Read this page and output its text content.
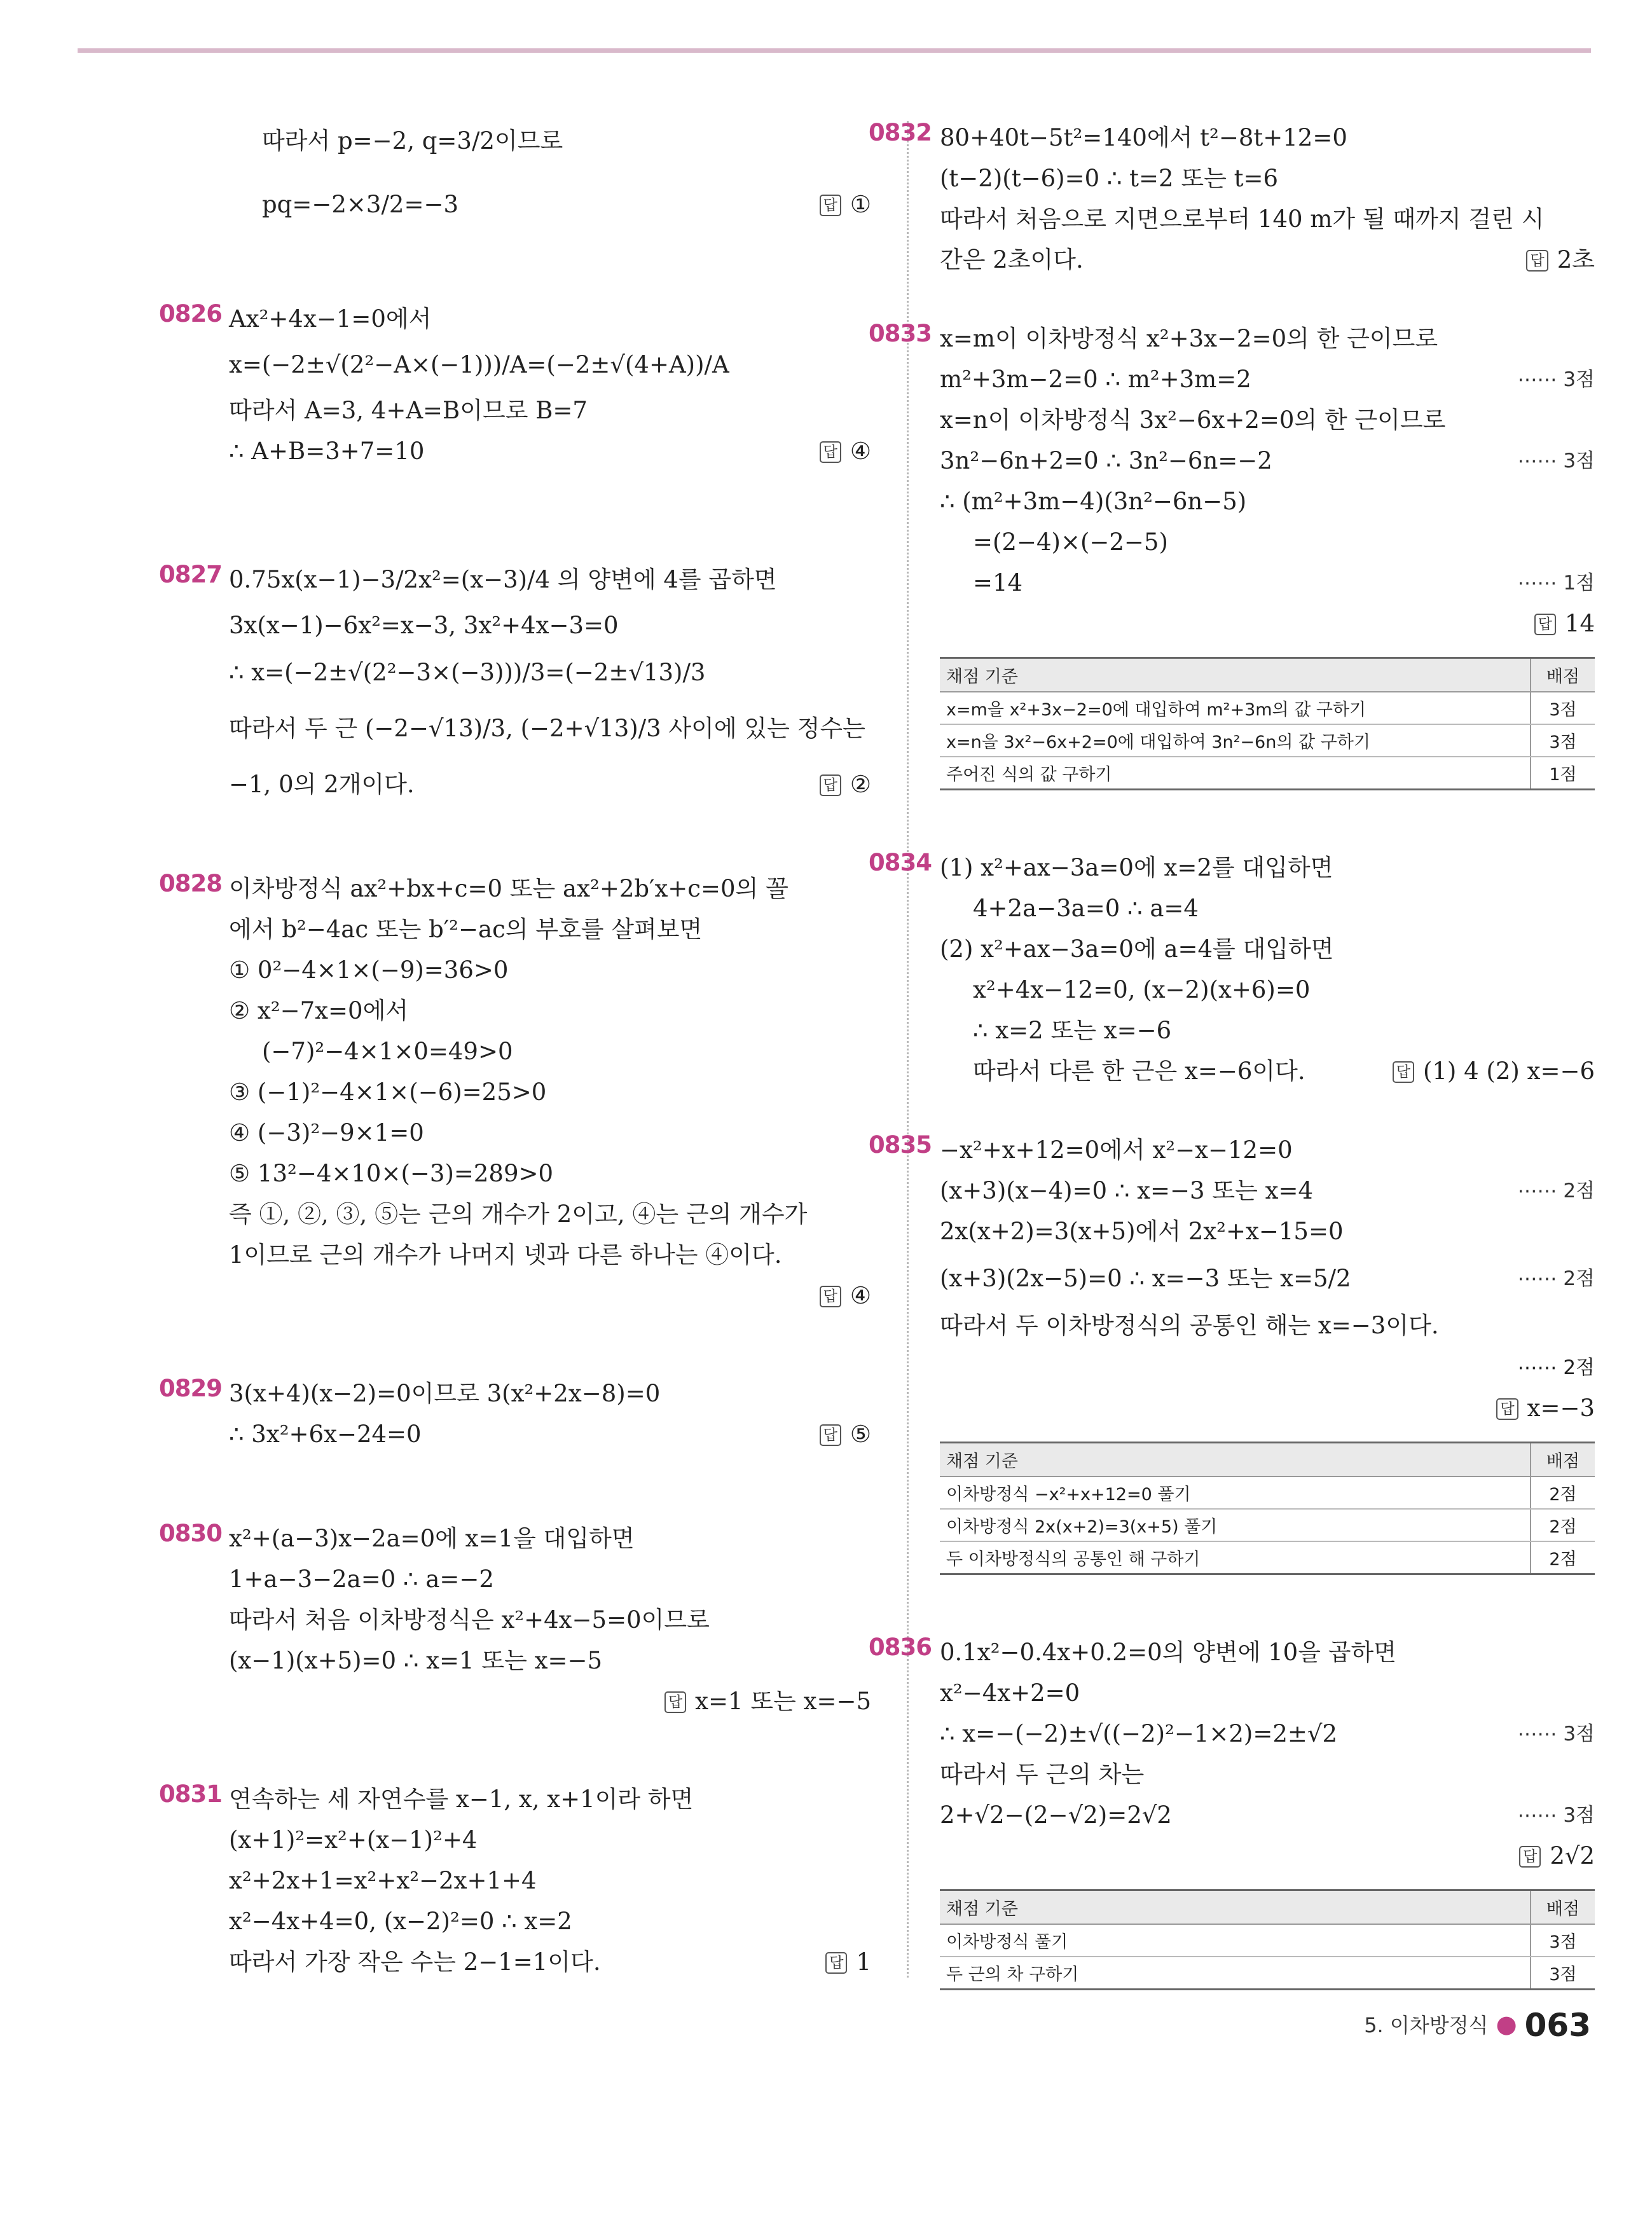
따라서 p=−2, q=3/2이므로
pq=−2×3/2=−3	답 ①
0826 Ax²+4x−1=0에서
x=(−2±√(2²−A×(−1)))/A=(−2±√(4+A))/A
따라서 A=3, 4+A=B이므로 B=7
∴ A+B=3+7=10	답 ④
0827 0.75x(x−1)−3/2x²=(x−3)/4 의 양변에 4를 곱하면
3x(x−1)−6x²=x−3, 3x²+4x−3=0
∴ x=(−2±√(2²−3×(−3)))/3=(−2±√13)/3
따라서 두 근 (−2−√13)/3, (−2+√13)/3 사이에 있는 정수는
−1, 0의 2개이다.	답 ②
0828 이차방정식 ax²+bx+c=0 또는 ax²+2b′x+c=0의 꼴
에서 b²−4ac 또는 b′²−ac의 부호를 살펴보면
① 0²−4×1×(−9)=36>0
② x²−7x=0에서
(−7)²−4×1×0=49>0
③ (−1)²−4×1×(−6)=25>0
④ (−3)²−9×1=0
⑤ 13²−4×10×(−3)=289>0
즉 ①, ②, ③, ⑤는 근의 개수가 2이고, ④는 근의 개수가
1이므로 근의 개수가 나머지 넷과 다른 하나는 ④이다.
답 ④
0829 3(x+4)(x−2)=0이므로 3(x²+2x−8)=0
∴ 3x²+6x−24=0	답 ⑤
0830 x²+(a−3)x−2a=0에 x=1을 대입하면
1+a−3−2a=0 ∴ a=−2
따라서 처음 이차방정식은 x²+4x−5=0이므로
(x−1)(x+5)=0 ∴ x=1 또는 x=−5
답 x=1 또는 x=−5
0831 연속하는 세 자연수를 x−1, x, x+1이라 하면
(x+1)²=x²+(x−1)²+4
x²+2x+1=x²+x²−2x+1+4
x²−4x+4=0, (x−2)²=0 ∴ x=2
따라서 가장 작은 수는 2−1=1이다.	답 1
0832 80+40t−5t²=140에서 t²−8t+12=0
(t−2)(t−6)=0 ∴ t=2 또는 t=6
따라서 처음으로 지면으로부터 140 m가 될 때까지 걸린 시
간은 2초이다.	답 2초
0833 x=m이 이차방정식 x²+3x−2=0의 한 근이므로
m²+3m−2=0 ∴ m²+3m=2	⋯⋯ 3점
x=n이 이차방정식 3x²−6x+2=0의 한 근이므로
3n²−6n+2=0 ∴ 3n²−6n=−2	⋯⋯ 3점
∴ (m²+3m−4)(3n²−6n−5)
=(2−4)×(−2−5)
=14	⋯⋯ 1점
답 14
채점 기준	배점
x=m을 x²+3x−2=0에 대입하여 m²+3m의 값 구하기	3점
x=n을 3x²−6x+2=0에 대입하여 3n²−6n의 값 구하기	3점
주어진 식의 값 구하기	1점
0834 (1) x²+ax−3a=0에 x=2를 대입하면
4+2a−3a=0 ∴ a=4
(2) x²+ax−3a=0에 a=4를 대입하면
x²+4x−12=0, (x−2)(x+6)=0
∴ x=2 또는 x=−6
따라서 다른 한 근은 x=−6이다.	답 (1) 4 (2) x=−6
0835 −x²+x+12=0에서 x²−x−12=0
(x+3)(x−4)=0 ∴ x=−3 또는 x=4	⋯⋯ 2점
2x(x+2)=3(x+5)에서 2x²+x−15=0
(x+3)(2x−5)=0 ∴ x=−3 또는 x=5/2	⋯⋯ 2점
따라서 두 이차방정식의 공통인 해는 x=−3이다.
⋯⋯ 2점
답 x=−3
채점 기준	배점
이차방정식 −x²+x+12=0 풀기	2점
이차방정식 2x(x+2)=3(x+5) 풀기	2점
두 이차방정식의 공통인 해 구하기	2점
0836 0.1x²−0.4x+0.2=0의 양변에 10을 곱하면
x²−4x+2=0
∴ x=−(−2)±√((−2)²−1×2)=2±√2	⋯⋯ 3점
따라서 두 근의 차는
2+√2−(2−√2)=2√2	⋯⋯ 3점
답 2√2
채점 기준	배점
이차방정식 풀기	3점
두 근의 차 구하기	3점
5. 이차방정식 ● 063
